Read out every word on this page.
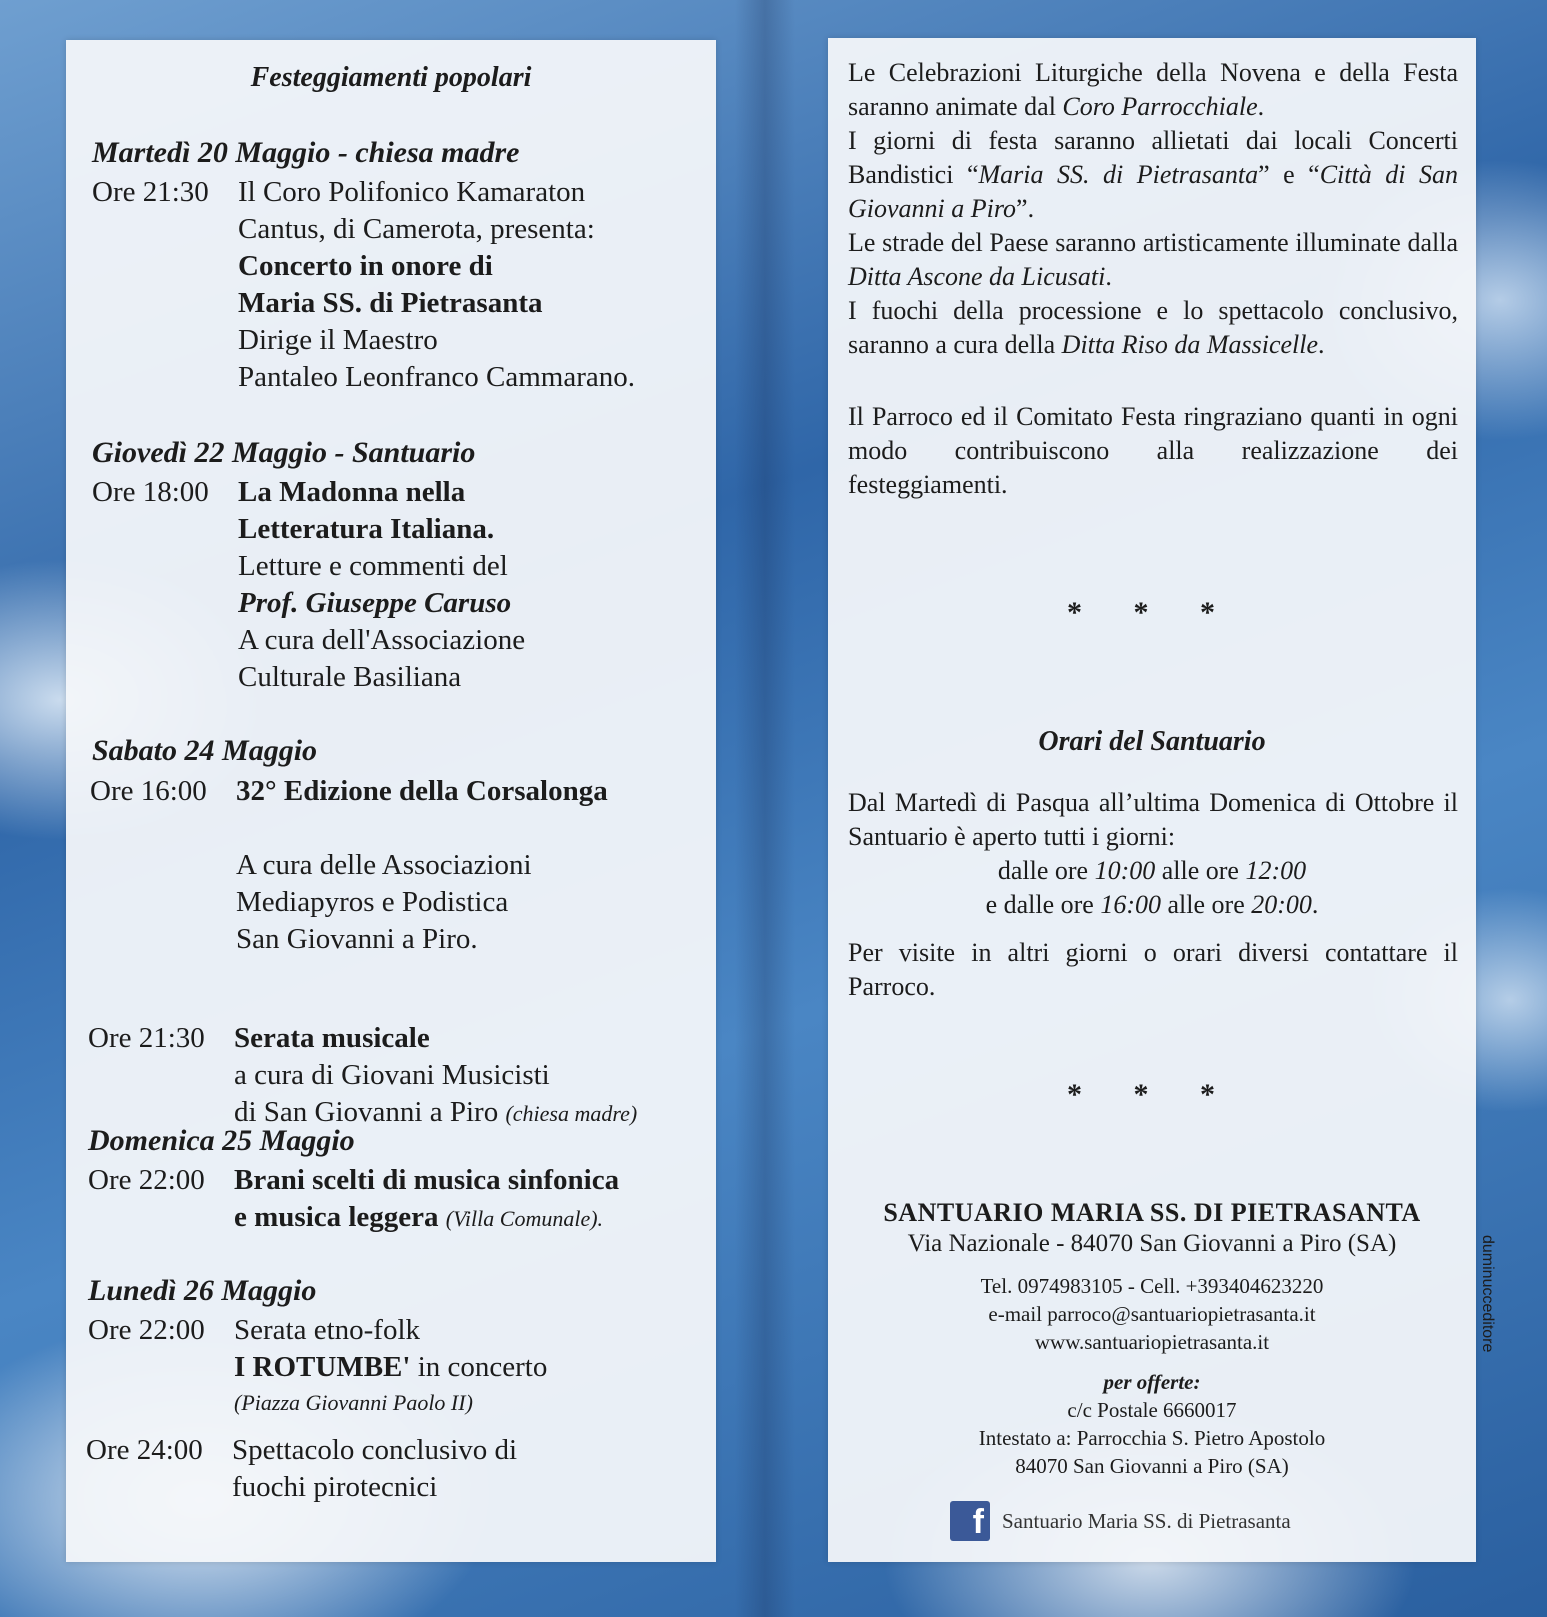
Festeggiamenti popolari
Martedì 20 Maggio - chiesa madre
Ore 21:30 Il Coro Polifonico Kamaraton
Cantus, di Camerota, presenta:
Concerto in onore di
Maria SS. di Pietrasanta
Dirige il Maestro
Pantaleo Leonfranco Cammarano.
Giovedì 22 Maggio - Santuario
Ore 18:00 La Madonna nella
Letteratura Italiana.
Letture e commenti del
Prof. Giuseppe Caruso
A cura dell'Associazione
Culturale Basiliana
Sabato 24 Maggio
Ore 16:00 32° Edizione della Corsalonga
A cura delle Associazioni
Mediapyros e Podistica
San Giovanni a Piro.
Ore 21:30 Serata musicale
a cura di Giovani Musicisti
di San Giovanni a Piro (chiesa madre)
Domenica 25 Maggio
Ore 22:00 Brani scelti di musica sinfonica
e musica leggera (Villa Comunale).
Lunedì 26 Maggio
Ore 22:00 Serata etno-folk
I ROTUMBE' in concerto
(Piazza Giovanni Paolo II)
Ore 24:00 Spettacolo conclusivo di
fuochi pirotecnici

Le Celebrazioni Liturgiche della Novena e della Festa saranno animate dal Coro Parrocchiale.

I giorni di festa saranno allietati dai locali Concerti Bandistici “Maria SS. di Pietrasanta” e “Città di San Giovanni a Piro”.

Le strade del Paese saranno artisticamente illuminate dalla Ditta Ascone da Licusati.

I fuochi della processione e lo spettacolo conclusivo, saranno a cura della Ditta Riso da Massicelle.

Il Parroco ed il Comitato Festa ringraziano quanti in ogni modo contribuiscono alla realizzazione dei festeggiamenti.
* * *
Orari del Santuario
Dal Martedì di Pasqua all’ultima Domenica di Ottobre il Santuario è aperto tutti i giorni:
dalle ore 10:00 alle ore 12:00
e dalle ore 16:00 alle ore 20:00.
Per visite in altri giorni o orari diversi contattare il Parroco.
* * *
SANTUARIO MARIA SS. DI PIETRASANTA
Via Nazionale - 84070 San Giovanni a Piro (SA)
Tel. 0974983105 - Cell. +393404623220
e-mail parroco@santuariopietrasanta.it
www.santuariopietrasanta.it
per offerte:
c/c Postale 6660017
Intestato a: Parrocchia S. Pietro Apostolo
84070 San Giovanni a Piro (SA)
f Santuario Maria SS. di Pietrasanta
duminucceditore
